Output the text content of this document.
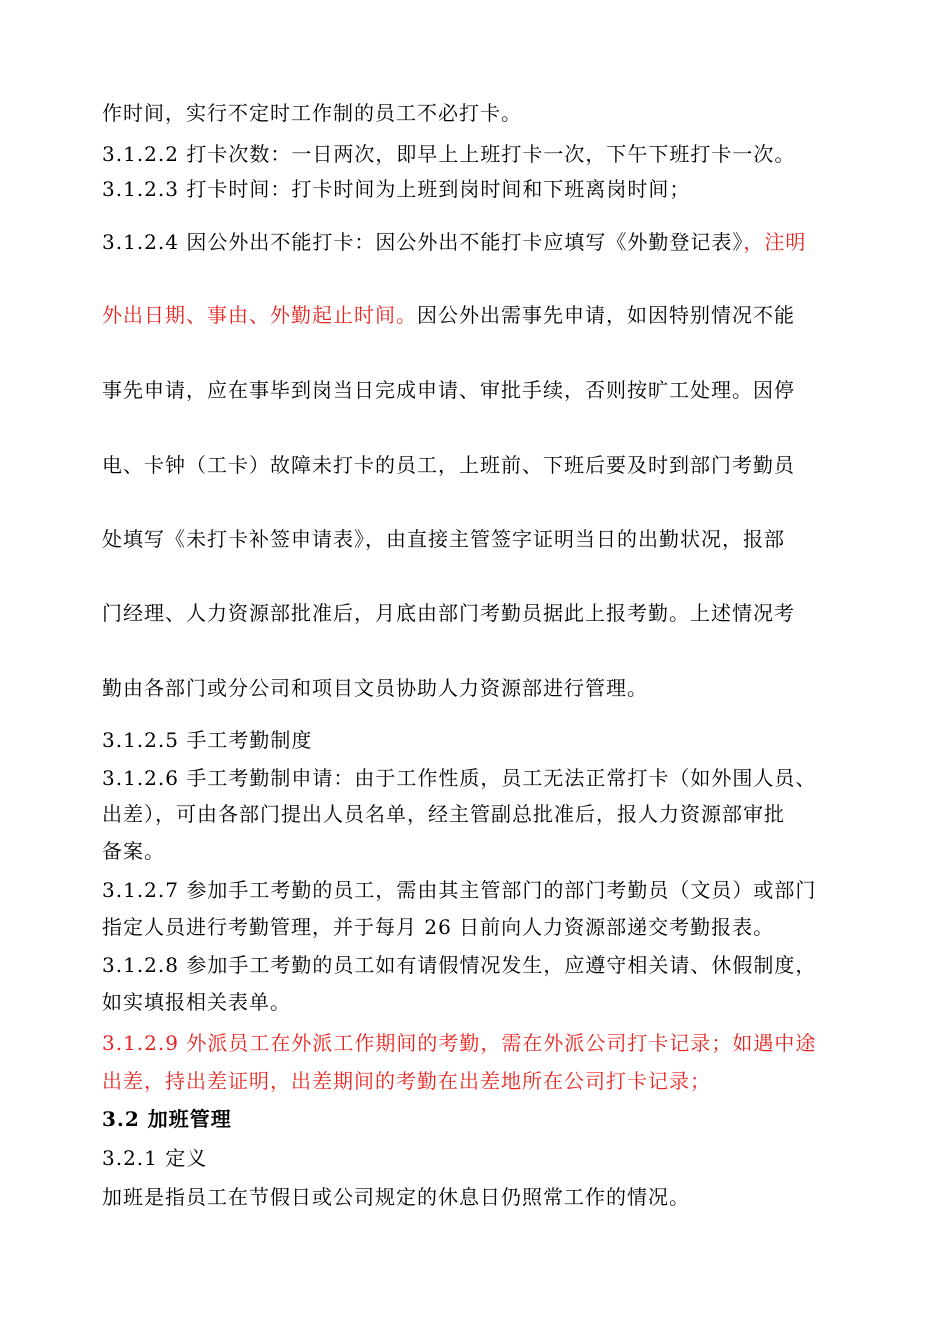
作时间，实行不定时工作制的员工不必打卡。
3.1.2.2 打卡次数：一日两次，即早上上班打卡一次，下午下班打卡一次。
3.1.2.3 打卡时间：打卡时间为上班到岗时间和下班离岗时间；
3.1.2.4 因公外出不能打卡：因公外出不能打卡应填写《外勤登记表》，注明
外出日期、事由、外勤起止时间。因公外出需事先申请，如因特别情况不能
事先申请，应在事毕到岗当日完成申请、审批手续，否则按旷工处理。因停
电、卡钟（工卡）故障未打卡的员工，上班前、下班后要及时到部门考勤员
处填写《未打卡补签申请表》，由直接主管签字证明当日的出勤状况，报部
门经理、人力资源部批准后，月底由部门考勤员据此上报考勤。上述情况考
勤由各部门或分公司和项目文员协助人力资源部进行管理。
3.1.2.5 手工考勤制度
3.1.2.6 手工考勤制申请：由于工作性质，员工无法正常打卡（如外围人员、
出差），可由各部门提出人员名单，经主管副总批准后，报人力资源部审批
备案。
3.1.2.7 参加手工考勤的员工，需由其主管部门的部门考勤员（文员）或部门
指定人员进行考勤管理，并于每月 26 日前向人力资源部递交考勤报表。
3.1.2.8 参加手工考勤的员工如有请假情况发生，应遵守相关请、休假制度，
如实填报相关表单。
3.1.2.9 外派员工在外派工作期间的考勤，需在外派公司打卡记录；如遇中途
出差，持出差证明，出差期间的考勤在出差地所在公司打卡记录；
3.2 加班管理
3.2.1 定义
加班是指员工在节假日或公司规定的休息日仍照常工作的情况。
